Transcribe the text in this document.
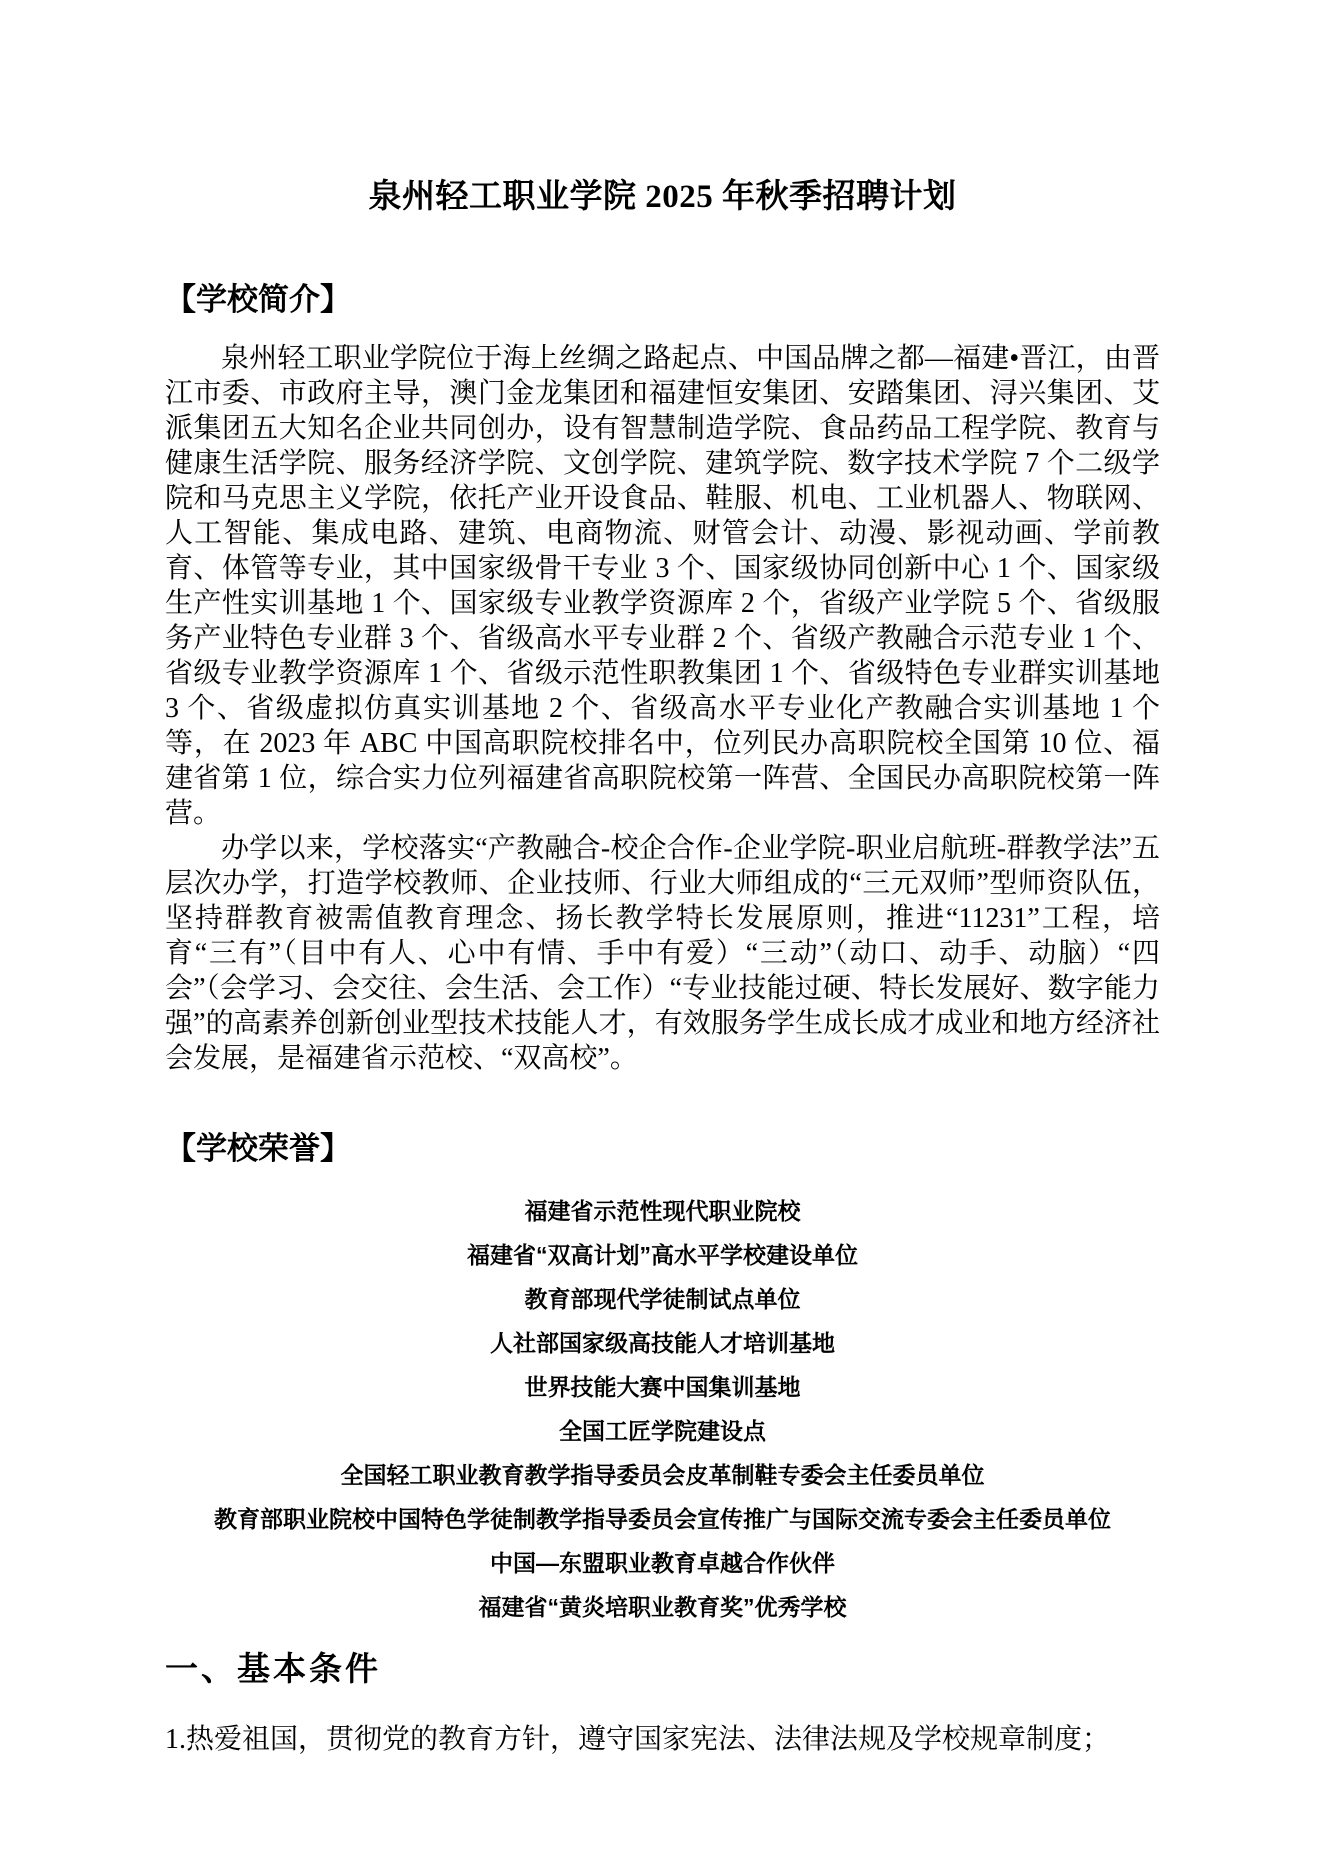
泉州轻工职业学院 2025 年秋季招聘计划
【学校简介】

泉州轻工职业学院位于海上丝绸之路起点、中国品牌之都—福建•晋江，由晋江市委、市政府主导，澳门金龙集团和福建恒安集团、安踏集团、浔兴集团、艾派集团五大知名企业共同创办，设有智慧制造学院、食品药品工程学院、教育与健康生活学院、服务经济学院、文创学院、建筑学院、数字技术学院 7 个二级学院和马克思主义学院，依托产业开设食品、鞋服、机电、工业机器人、物联网、人工智能、集成电路、建筑、电商物流、财管会计、动漫、影视动画、学前教育、体管等专业，其中国家级骨干专业 3 个、国家级协同创新中心 1 个、国家级生产性实训基地 1 个、国家级专业教学资源库 2 个，省级产业学院 5 个、省级服务产业特色专业群 3 个、省级高水平专业群 2 个、省级产教融合示范专业 1 个、省级专业教学资源库 1 个、省级示范性职教集团 1 个、省级特色专业群实训基地 3 个、省级虚拟仿真实训基地 2 个、省级高水平专业化产教融合实训基地 1 个等，在 2023 年 ABC 中国高职院校排名中，位列民办高职院校全国第 10 位、福建省第 1 位，综合实力位列福建省高职院校第一阵营、全国民办高职院校第一阵营。

办学以来，学校落实“产教融合-校企合作-企业学院-职业启航班-群教学法”五层次办学，打造学校教师、企业技师、行业大师组成的“三元双师”型师资队伍，坚持群教育被需值教育理念、扬长教学特长发展原则，推进“11231”工程，培育“三有”（目中有人、心中有情、手中有爱）“三动”（动口、动手、动脑）“四会”（会学习、会交往、会生活、会工作）“专业技能过硬、特长发展好、数字能力强”的高素养创新创业型技术技能人才，有效服务学生成长成才成业和地方经济社会发展，是福建省示范校、“双高校”。

【学校荣誉】
福建省示范性现代职业院校
福建省“双高计划”高水平学校建设单位
教育部现代学徒制试点单位
人社部国家级高技能人才培训基地
世界技能大赛中国集训基地
全国工匠学院建设点
全国轻工职业教育教学指导委员会皮革制鞋专委会主任委员单位
教育部职业院校中国特色学徒制教学指导委员会宣传推广与国际交流专委会主任委员单位
中国—东盟职业教育卓越合作伙伴
福建省“黄炎培职业教育奖”优秀学校
一、基本条件

1.热爱祖国，贯彻党的教育方针，遵守国家宪法、法律法规及学校规章制度；
